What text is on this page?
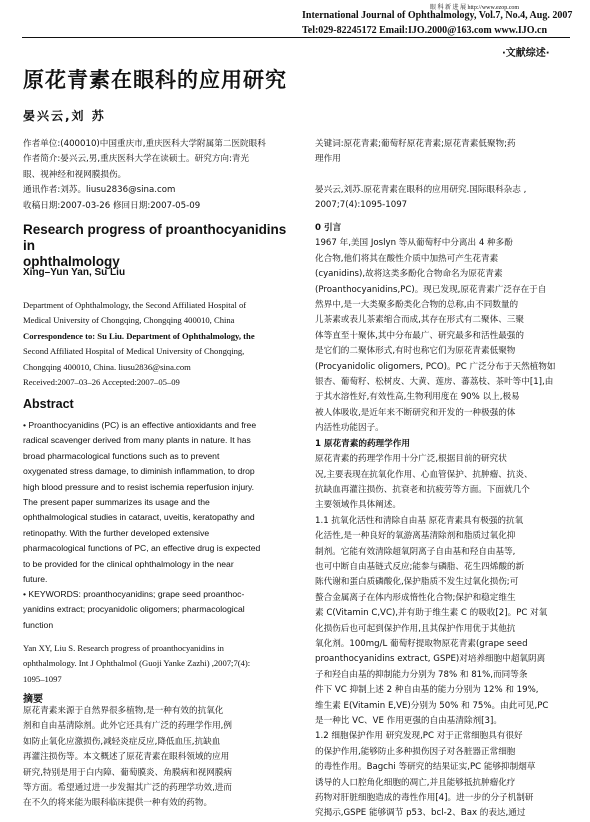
眼 科 新 进 展 http://www.ezop.com
International Journal of Ophthalmology, Vol.7, No.4, Aug. 2007
Tel:029-82245172 Email:IJO.2000@163.com www.IJO.cn
·文献综述·
原花青素在眼科的应用研究
晏兴云,刘 苏

作者单位:(400010)中国重庆市,重庆医科大学附属第二医院眼科

作者简介:晏兴云,男,重庆医科大学在读硕士。研究方向:青光

眼、视神经和视网膜损伤。

通讯作者:刘苏。liusu2836@sina.com

收稿日期:2007-03-26 修回日期:2007-05-09

Research progress of proanthocyanidins in
ophthalmology
Xing–Yun Yan, Su Liu

Department of Ophthalmology, the Second Affiliated Hospital of

Medical University of Chongqing, Chongqing 400010, China

Correspondence to: Su Liu. Department of Ophthalmology, the

Second Affiliated Hospital of Medical University of Chongqing,

Chongqing 400010, China. liusu2836@sina.com

Received:2007–03–26 Accepted:2007–05–09

Abstract

• Proanthocyanidins (PC) is an effective antioxidants and free

radical scavenger derived from many plants in nature. It has

broad pharmacological functions such as to prevent

oxygenated stress damage, to diminish inflammation, to drop

high blood pressure and to resist ischemia reperfusion injury.

The present paper summarizes its usage and the

ophthalmological studies in cataract, uveitis, keratopathy and

retinopathy. With the further developed extensive

pharmacological functions of PC, an effective drug is expected

to be provided for the clinical ophthalmology in the near

future.

• KEYWORDS: proanthocyanidins; grape seed proanthoc-

yanidins extract; procyanidolic oligomers; pharmacological

function

Yan XY, Liu S. Research progress of proanthocyanidins in

ophthalmology. Int J Ophthalmol (Guoji Yanke Zazhi) ,2007;7(4):

1095–1097

摘要

原花青素来源于自然界很多植物,是一种有效的抗氧化

剂和自由基清除剂。此外它还具有广泛的药理学作用,例

如防止氧化应激损伤,减轻炎症反应,降低血压,抗缺血

再灌注损伤等。本文概述了原花青素在眼科领域的应用

研究,特别是用于白内障、葡萄膜炎、角膜病和视网膜病

等方面。希望通过进一步发掘其广泛的药理学功效,进而

在不久的将来能为眼科临床提供一种有效的药物。

关键词:原花青素;葡萄籽原花青素;原花青素低聚物;药

理作用

晏兴云,刘苏.原花青素在眼科的应用研究.国际眼科杂志 ,

2007;7(4):1095-1097

0 引言

1967 年,美国 Joslyn 等从葡萄籽中分离出 4 种多酚

化合物,他们将其在酸性介质中加热可产生花青素

(cyanidins),故将这类多酚化合物命名为原花青素

(Proanthocyanidins,PC)。现已发现,原花青素广泛存在于自

然界中,是一大类聚多酚类化合物的总称,由不同数量的

儿茶素或表儿茶素缩合而成,其存在形式有二聚体、三聚

体等直至十聚体,其中分布最广、研究最多和活性最强的

是它们的二聚体形式,有时也称它们为原花青素低聚物

(Procyanidolic oligomers, PCO)。PC 广泛分布于天然植物如

银杏、葡萄籽、松树皮、大黄、莲房、蕃荔枝、茶叶等中[1],由

于其水溶性好,有效性高,生物利用度在 90% 以上,极易

被人体吸收,是近年来不断研究和开发的一种极强的体

内活性功能因子。

1 原花青素的药理学作用

原花青素的药理学作用十分广泛,根据目前的研究状

况,主要表现在抗氧化作用、心血管保护、抗肿瘤、抗炎、

抗缺血再灌注损伤、抗衰老和抗疲劳等方面。下面就几个

主要领域作具体阐述。

1.1 抗氧化活性和清除自由基 原花青素具有极强的抗氧

化活性,是一种良好的氧游离基清除剂和脂质过氧化抑

制剂。它能有效清除超氧阴离子自由基和羟自由基等,

也可中断自由基链式反应;能参与磷脂、花生四烯酸的新

陈代谢和蛋白质磷酸化,保护脂质不发生过氧化损伤;可

螯合金属离子在体内形成惰性化合物;保护和稳定维生

素 C(Vitamin C,VC),并有助于维生素 C 的吸收[2]。PC 对氧

化损伤后也可起到保护作用,且其保护作用优于其他抗

氧化剂。100mg/L 葡萄籽提取物原花青素(grape seed

proanthocyanidins extract, GSPE)对培养细胞中超氧阴离

子和羟自由基的抑制能力分别为 78% 和 81%,而同等条

件下 VC 抑制上述 2 种自由基的能力分别为 12% 和 19%,

维生素 E(Vitamin E,VE)分别为 50% 和 75%。由此可见,PC

是一种比 VC、VE 作用更强的自由基清除剂[3]。

1.2 细胞保护作用 研究发现,PC 对于正常细胞具有很好

的保护作用,能够防止多种损伤因子对各脏器正常细胞

的毒性作用。Bagchi 等研究的结果证实,PC 能够抑制烟草

诱导的人口腔角化细胞的凋亡,并且能够抵抗肿瘤化疗

药物对肝脏细胞造成的毒性作用[4]。进一步的分子机制研

究揭示,GSPE 能够调节 p53、bcl-2、Bax 的表达,通过
